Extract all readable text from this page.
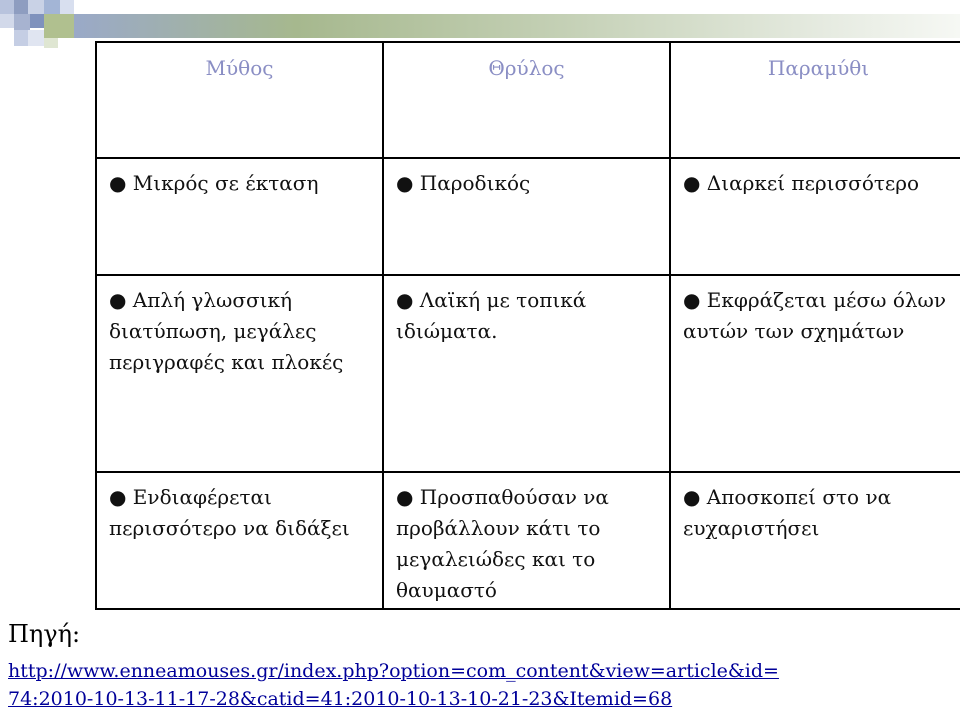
Μύθος	Θρύλος	Παραμύθι
● Μικρός σε έκταση	● Παροδικός	● Διαρκεί περισσότερο
● Απλή γλωσσική διατύπωση, μεγάλες περιγραφές και πλοκές	● Λαϊκή με τοπικά ιδιώματα.	● Εκφράζεται μέσω όλων αυτών των σχημάτων
● Ενδιαφέρεται περισσότερο να διδάξει	● Προσπαθούσαν να προβάλλουν κάτι το μεγαλειώδες και το θαυμαστό	● Αποσκοπεί στο να ευχαριστήσει
Πηγή:
http://www.enneamouses.gr/index.php?option=com_content&view=article&id=
74:2010-10-13-11-17-28&catid=41:2010-10-13-10-21-23&Itemid=68
